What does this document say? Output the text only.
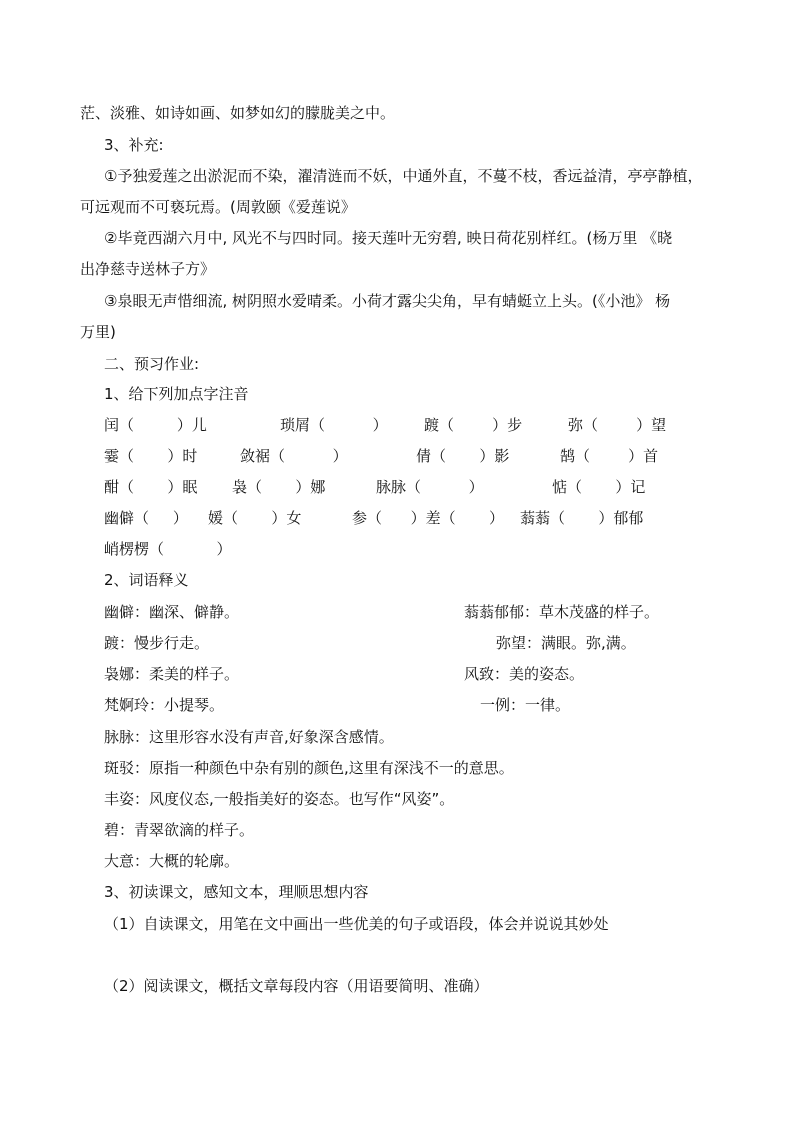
茫、淡雅、如诗如画、如梦如幻的朦胧美之中。
3、补充:
①予独爱莲之出淤泥而不染，濯清涟而不妖，中通外直，不蔓不枝，香远益清，亭亭静植，
可远观而不可亵玩焉。(周敦颐《爱莲说》
②毕竟西湖六月中, 风光不与四时同。接天莲叶无穷碧, 映日荷花别样红。(杨万里 《晓
出净慈寺送林子方》
③泉眼无声惜细流, 树阴照水爱晴柔。小荷才露尖尖角，早有蜻蜓立上头。(《小池》 杨
万里)
二、预习作业:
1、给下列加点字注音
闰（         ）儿	琐屑（          ） 踱（        ）步	弥（        ）望
霎（       ）时	敛裾（          ）	倩（       ）影	鹄（        ）首
酣（       ）眠 袅（       ）娜	脉脉（          ）	惦（       ）记
幽僻（     ） 媛（       ）女	参（      ）差（       ） 蓊蓊（       ）郁郁
峭楞楞（           ）
2、词语释义
幽僻：幽深、僻静。	蓊蓊郁郁：草木茂盛的样子。
踱：慢步行走。	弥望：满眼。弥,满。
袅娜：柔美的样子。	风致：美的姿态。
梵婀玲：小提琴。	一例：一律。
脉脉：这里形容水没有声音,好象深含感情。
斑驳：原指一种颜色中杂有别的颜色,这里有深浅不一的意思。
丰姿：风度仪态,一般指美好的姿态。也写作“风姿”。
碧：青翠欲滴的样子。
大意：大概的轮廓。
3、初读课文，感知文本，理顺思想内容
（1）自读课文，用笔在文中画出一些优美的句子或语段，体会并说说其妙处
（2）阅读课文，概括文章每段内容（用语要简明、准确）
